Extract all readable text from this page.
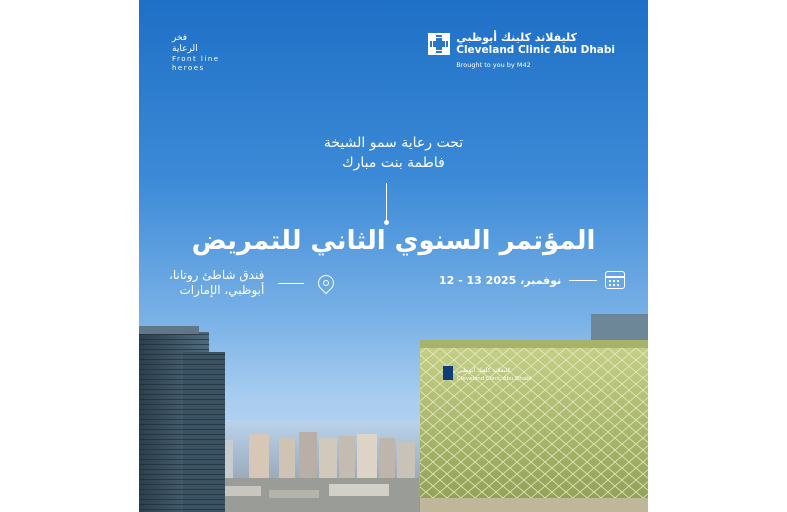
فخر
الرعاية
Front line
heroes
كليفلاند كلينك أبوظبي
Cleveland Clinic Abu Dhabi
Brought to you by M42
تحت رعاية سمو الشيخة
فاطمة بنت مبارك
المؤتمر السنوي الثاني للتمريض
فندق شاطئ روتانا،
أبوظبي، الإمارات
12 - 13 نوفمبر، 2025
كليفلاند كلينك أبوظبي
Cleveland Clinic Abu Dhabi
